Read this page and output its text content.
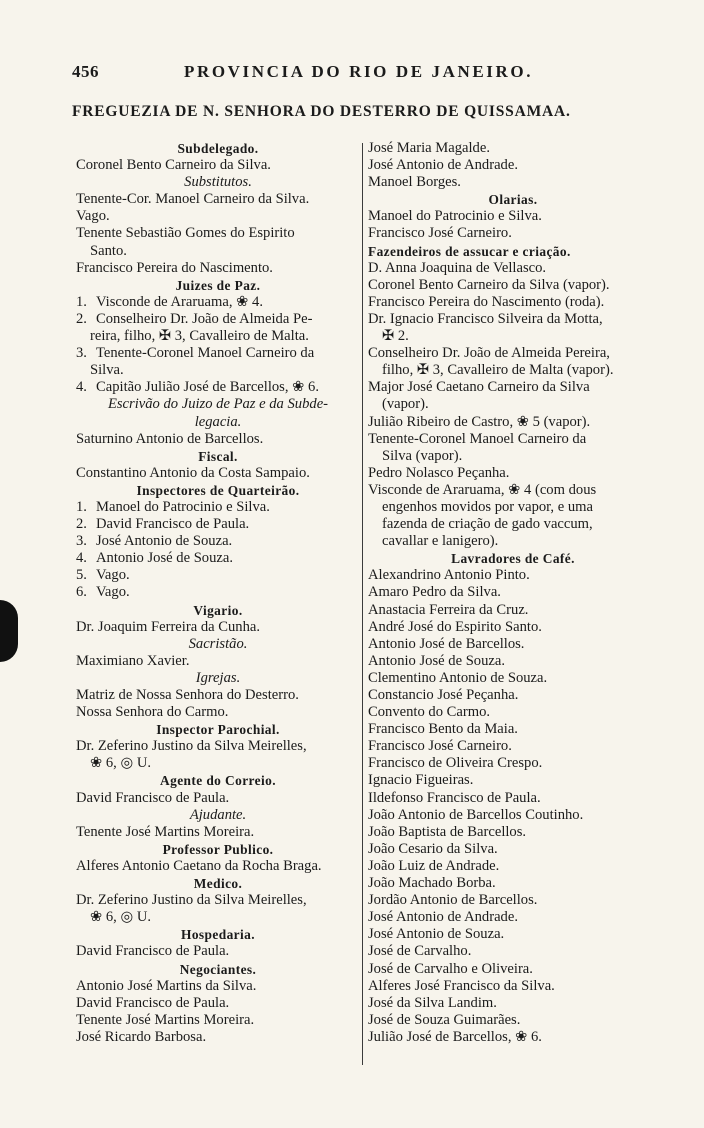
456	PROVINCIA DO RIO DE JANEIRO.
FREGUEZIA DE N. SENHORA DO DESTERRO DE QUISSAMAA.
Subdelegado.
Coronel Bento Carneiro da Silva.
Substitutos.
Tenente-Cor. Manoel Carneiro da Silva.
Vago.
Tenente Sebastião Gomes do Espirito
Santo.
Francisco Pereira do Nascimento.
Juizes de Paz.
1. Visconde de Araruama, ❀ 4.
2. Conselheiro Dr. João de Almeida Pe-
reira, filho, ✠ 3, Cavalleiro de Malta.
3. Tenente-Coronel Manoel Carneiro da
Silva.
4. Capitão Julião José de Barcellos, ❀ 6.
Escrivão do Juizo de Paz e da Subde-
legacia.
Saturnino Antonio de Barcellos.
Fiscal.
Constantino Antonio da Costa Sampaio.
Inspectores de Quarteirão.
1. Manoel do Patrocinio e Silva.
2. David Francisco de Paula.
3. José Antonio de Souza.
4. Antonio José de Souza.
5. Vago.
6. Vago.
Vigario.
Dr. Joaquim Ferreira da Cunha.
Sacristão.
Maximiano Xavier.
Igrejas.
Matriz de Nossa Senhora do Desterro.
Nossa Senhora do Carmo.
Inspector Parochial.
Dr. Zeferino Justino da Silva Meirelles,
❀ 6, ◎ U.
Agente do Correio.
David Francisco de Paula.
Ajudante.
Tenente José Martins Moreira.
Professor Publico.
Alferes Antonio Caetano da Rocha Braga.
Medico.
Dr. Zeferino Justino da Silva Meirelles,
❀ 6, ◎ U.
Hospedaria.
David Francisco de Paula.
Negociantes.
Antonio José Martins da Silva.
David Francisco de Paula.
Tenente José Martins Moreira.
José Ricardo Barbosa.
José Maria Magalde.
José Antonio de Andrade.
Manoel Borges.
Olarias.
Manoel do Patrocinio e Silva.
Francisco José Carneiro.
Fazendeiros de assucar e criação.
D. Anna Joaquina de Vellasco.
Coronel Bento Carneiro da Silva (vapor).
Francisco Pereira do Nascimento (roda).
Dr. Ignacio Francisco Silveira da Motta,
✠ 2.
Conselheiro Dr. João de Almeida Pereira,
filho, ✠ 3, Cavalleiro de Malta (vapor).
Major José Caetano Carneiro da Silva
(vapor).
Julião Ribeiro de Castro, ❀ 5 (vapor).
Tenente-Coronel Manoel Carneiro da
Silva (vapor).
Pedro Nolasco Peçanha.
Visconde de Araruama, ❀ 4 (com dous
engenhos movidos por vapor, e uma
fazenda de criação de gado vaccum,
cavallar e lanigero).
Lavradores de Café.
Alexandrino Antonio Pinto.
Amaro Pedro da Silva.
Anastacia Ferreira da Cruz.
André José do Espirito Santo.
Antonio José de Barcellos.
Antonio José de Souza.
Clementino Antonio de Souza.
Constancio José Peçanha.
Convento do Carmo.
Francisco Bento da Maia.
Francisco José Carneiro.
Francisco de Oliveira Crespo.
Ignacio Figueiras.
Ildefonso Francisco de Paula.
João Antonio de Barcellos Coutinho.
João Baptista de Barcellos.
João Cesario da Silva.
João Luiz de Andrade.
João Machado Borba.
Jordão Antonio de Barcellos.
José Antonio de Andrade.
José Antonio de Souza.
José de Carvalho.
José de Carvalho e Oliveira.
Alferes José Francisco da Silva.
José da Silva Landim.
José de Souza Guimarães.
Julião José de Barcellos, ❀ 6.
